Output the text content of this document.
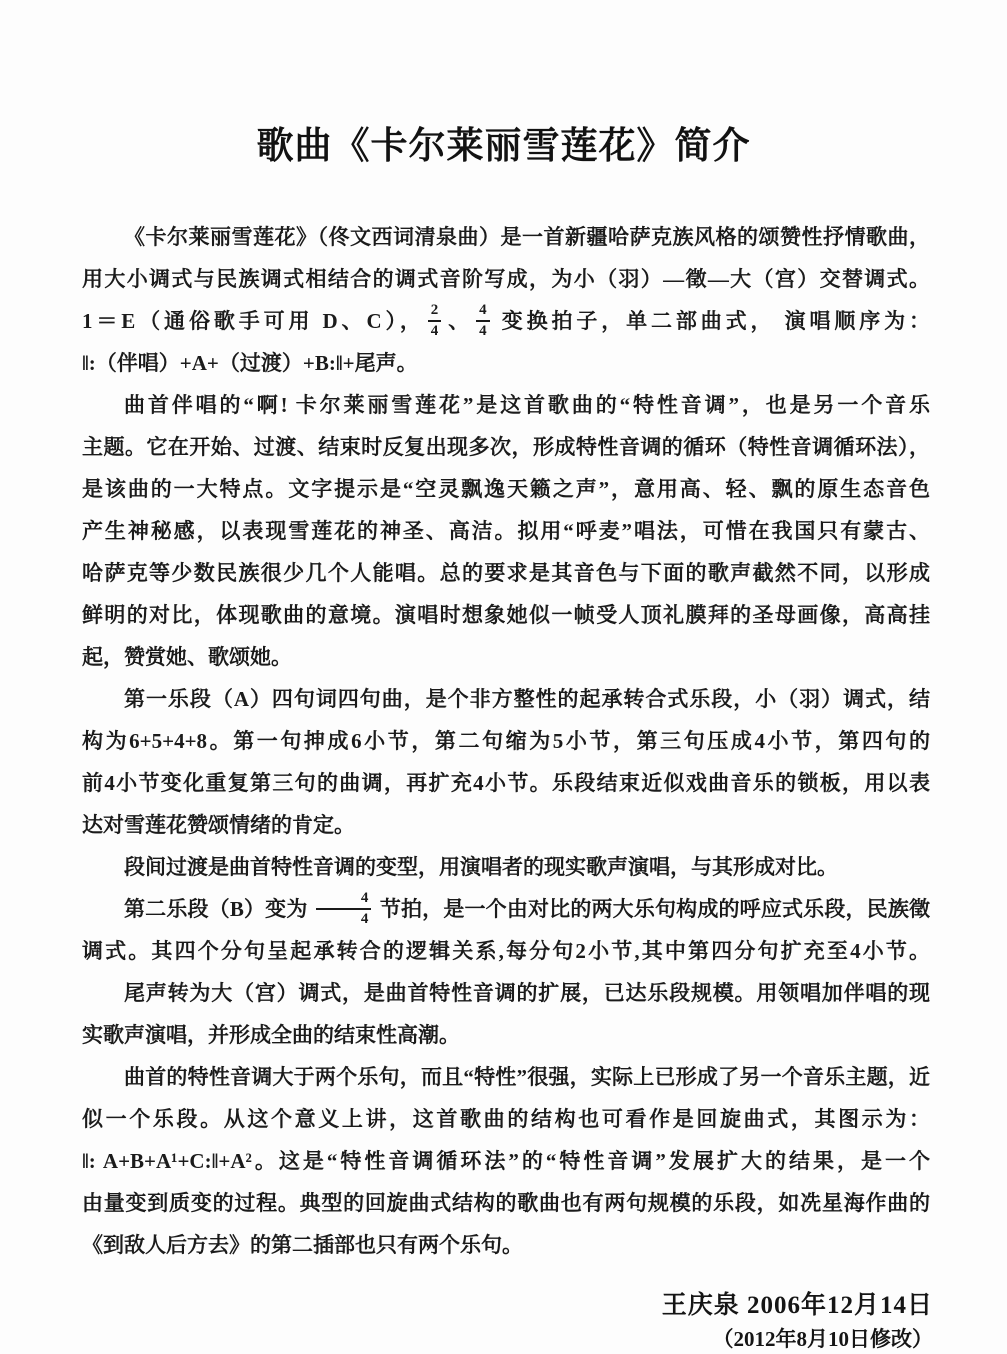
歌曲《卡尔莱丽雪莲花》简介
《卡尔莱丽雪莲花》（佟文西词清泉曲）是一首新疆哈萨克族风格的颂赞性抒情歌曲，
用大小调式与民族调式相结合的调式音阶写成，为小（羽）—徵—大（宫）交替调式。
1＝E（通俗歌手可用 D、C）， $\frac{2}{4}$ 、 $\frac{4}{4}$ 变换拍子，单二部曲式， 演唱顺序为：
‖:（伴唱）+A+（过渡）+B:‖+尾声。
曲首伴唱的“啊! 卡尔莱丽雪莲花”是这首歌曲的“特性音调”，也是另一个音乐
主题。它在开始、过渡、结束时反复出现多次，形成特性音调的循环（特性音调循环法），
是该曲的一大特点。文字提示是“空灵飘逸天籁之声”，意用高、轻、飘的原生态音色
产生神秘感，以表现雪莲花的神圣、高洁。拟用“呼麦”唱法，可惜在我国只有蒙古、
哈萨克等少数民族很少几个人能唱。总的要求是其音色与下面的歌声截然不同，以形成
鲜明的对比，体现歌曲的意境。演唱时想象她似一帧受人顶礼膜拜的圣母画像，高高挂
起，赞赏她、歌颂她。
第一乐段（A）四句词四句曲，是个非方整性的起承转合式乐段，小（羽）调式，结
构为6+5+4+8。第一句抻成6小节，第二句缩为5小节，第三句压成4小节，第四句的
前4小节变化重复第三句的曲调，再扩充4小节。乐段结束近似戏曲音乐的锁板，用以表
达对雪莲花赞颂情绪的肯定。
段间过渡是曲首特性音调的变型，用演唱者的现实歌声演唱，与其形成对比。
第二乐段（B）变为 $\frac{4}{4}$ 节拍，是一个由对比的两大乐句构成的呼应式乐段，民族徵
调式。其四个分句呈起承转合的逻辑关系,每分句2小节,其中第四分句扩充至4小节。
尾声转为大（宫）调式，是曲首特性音调的扩展，已达乐段规模。用领唱加伴唱的现
实歌声演唱，并形成全曲的结束性高潮。
曲首的特性音调大于两个乐句，而且“特性”很强，实际上已形成了另一个音乐主题，近
似一个乐段。从这个意义上讲，这首歌曲的结构也可看作是回旋曲式，其图示为：
‖: A+B+A¹+C:‖+A²。这是“特性音调循环法”的“特性音调”发展扩大的结果，是一个
由量变到质变的过程。典型的回旋曲式结构的歌曲也有两句规模的乐段，如冼星海作曲的
《到敌人后方去》的第二插部也只有两个乐句。
王庆泉 2006年12月14日
（2012年8月10日修改）
